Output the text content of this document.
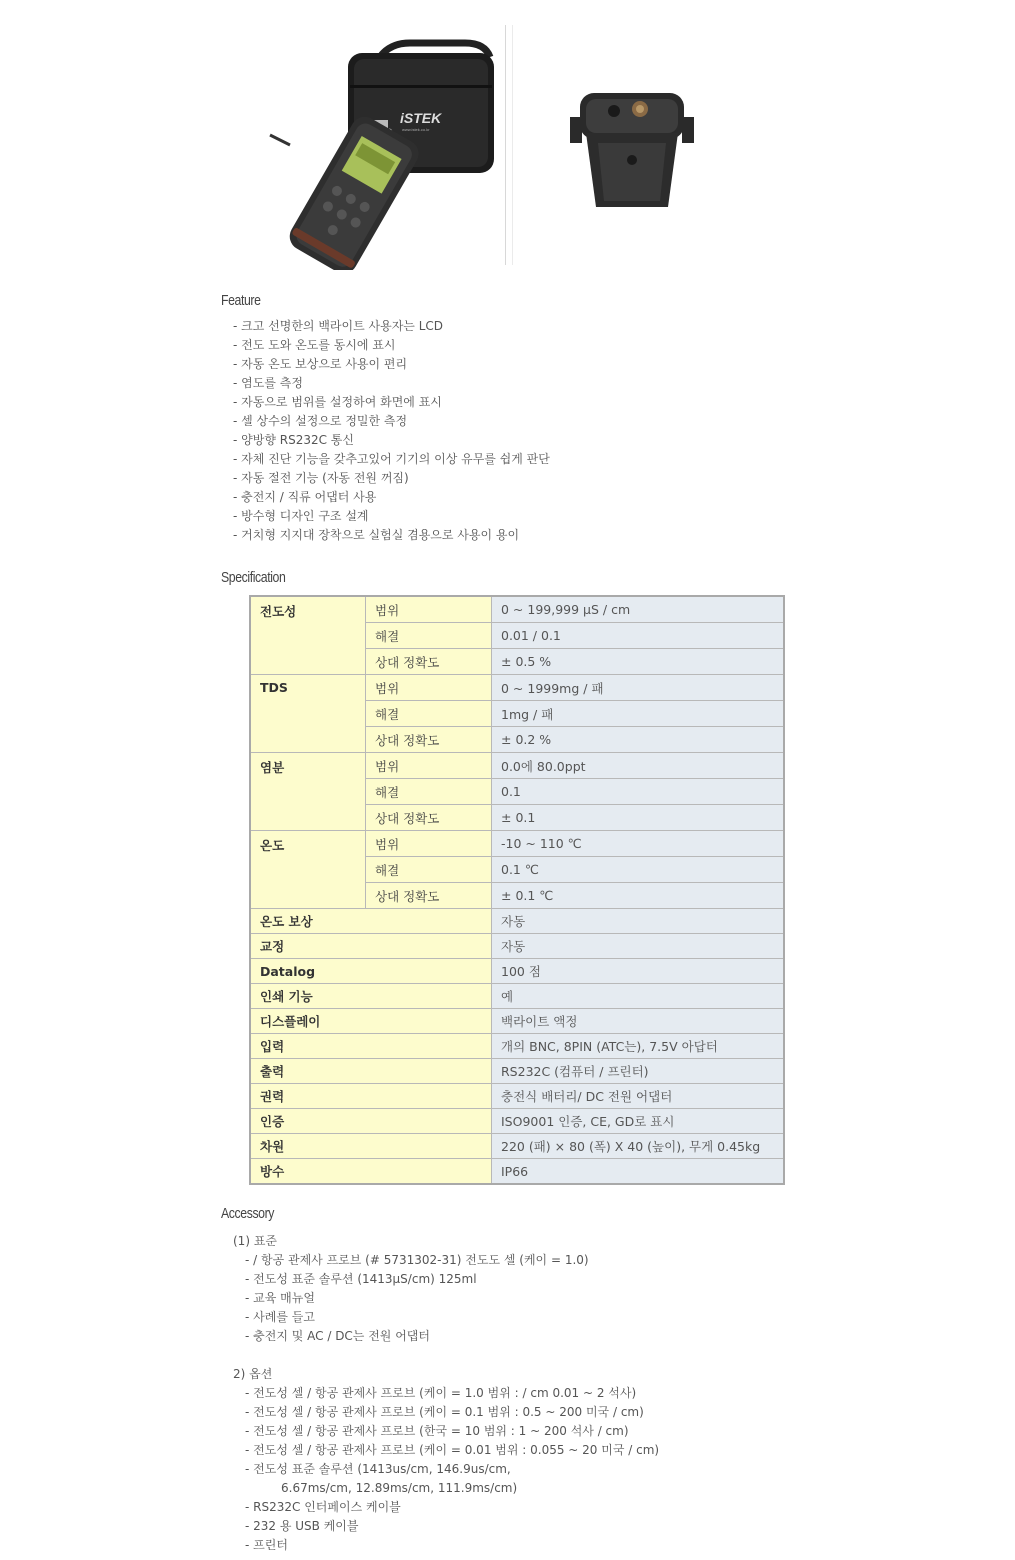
iSTEK
www.istek.co.kr
Feature
- 크고 선명한의 백라이트 사용자는 LCD
- 전도 도와 온도를 동시에 표시
- 자동 온도 보상으로 사용이 편리
- 염도를 측정
- 자동으로 범위를 설정하여 화면에 표시
- 셀 상수의 설정으로 정밀한 측정
- 양방향 RS232C 통신
- 자체 진단 기능을 갖추고있어 기기의 이상 유무를 쉽게 판단
- 자동 절전 기능 (자동 전원 꺼짐)
- 충전지 / 직류 어댑터 사용
- 방수형 디자인 구조 설계
- 거치형 지지대 장착으로 실험실 겸용으로 사용이 용이
Specification
전도성	범위	0 ~ 199,999 μS / cm
	해결	0.01 / 0.1
	상대 정확도	± 0.5 %
TDS	범위	0 ~ 1999mg / 패
	해결	1mg / 패
	상대 정확도	± 0.2 %
염분	범위	0.0에 80.0ppt
	해결	0.1
	상대 정확도	± 0.1
온도	범위	-10 ~ 110 ℃
	해결	0.1 ℃
	상대 정확도	± 0.1 ℃
온도 보상		자동
교정		자동
Datalog		100 점
인쇄 기능		예
디스플레이		백라이트 액정
입력		개의 BNC, 8PIN (ATC는), 7.5V 아답터
출력		RS232C (컴퓨터 / 프린터)
권력		충전식 배터리/ DC 전원 어댑터
인증		ISO9001 인증, CE, GD로 표시
차원		220 (패) × 80 (폭) X 40 (높이), 무게 0.45kg
방수		IP66
Accessory
(1) 표준
- / 항공 관제사 프로브 (# 5731302-31) 전도도 셀 (케이 = 1.0)
- 전도성 표준 솔루션 (1413μS/cm) 125ml
- 교육 매뉴얼
- 사례를 들고
- 충전지 및 AC / DC는 전원 어댑터
2) 옵션
- 전도성 셀 / 항공 관제사 프로브 (케이 = 1.0 범위 : / cm 0.01 ~ 2 석사)
- 전도성 셀 / 항공 관제사 프로브 (케이 = 0.1 범위 : 0.5 ~ 200 미국 / cm)
- 전도성 셀 / 항공 관제사 프로브 (한국 = 10 범위 : 1 ~ 200 석사 / cm)
- 전도성 셀 / 항공 관제사 프로브 (케이 = 0.01 범위 : 0.055 ~ 20 미국 / cm)
- 전도성 표준 솔루션 (1413us/cm, 146.9us/cm,
6.67ms/cm, 12.89ms/cm, 111.9ms/cm)
- RS232C 인터페이스 케이블
- 232 용 USB 케이블
- 프린터
